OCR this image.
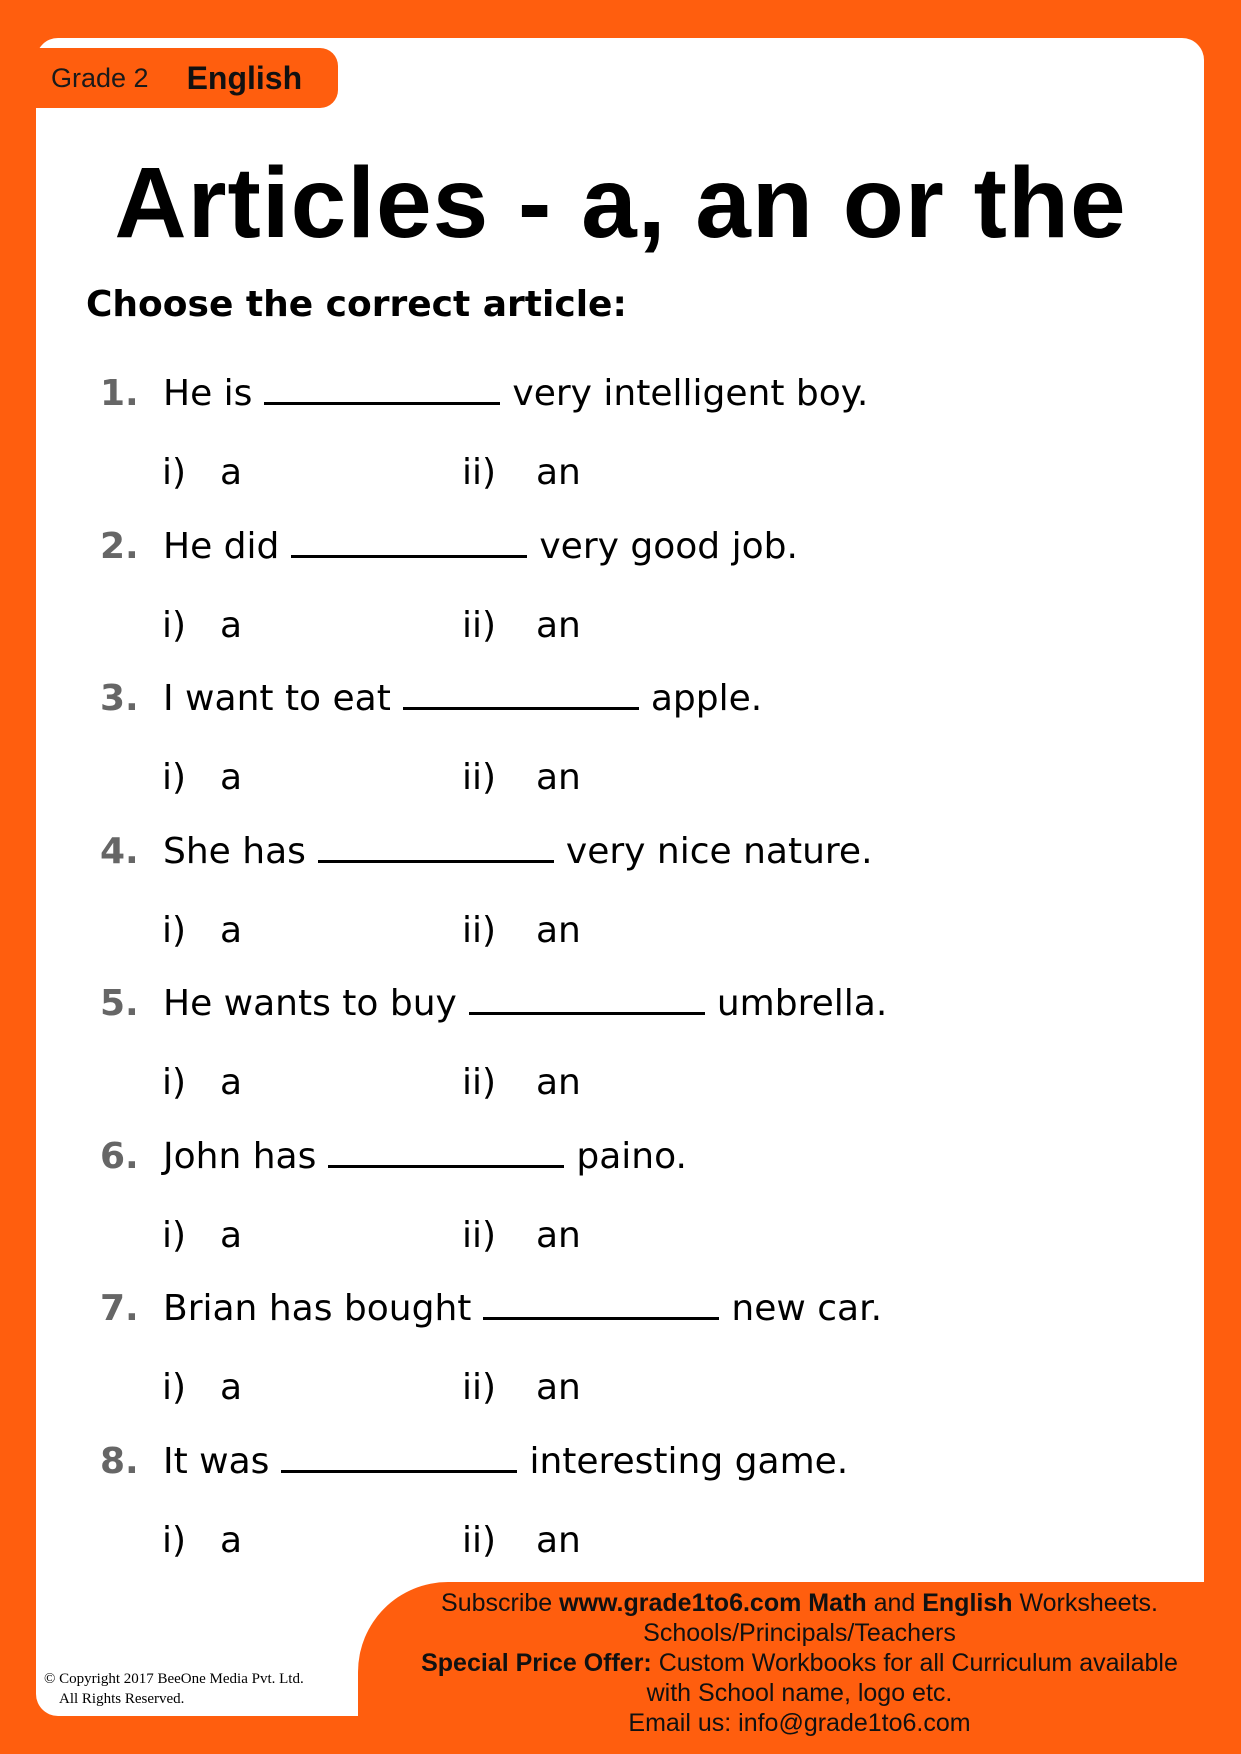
Grade 2 English
Articles - a, an or the
Choose the correct article:
1. He is	very intelligent boy.
i) a	ii) an
2. He did	very good job.
i) a	ii) an
3. I want to eat	apple.
i) a	ii) an
4. She has	very nice nature.
i) a	ii) an
5. He wants to buy	umbrella.
i) a	ii) an
6. John has	paino.
i) a	ii) an
7. Brian has bought	new car.
i) a	ii) an
8. It was	interesting game.
i) a	ii) an
Subscribe www.grade1to6.com Math and English Worksheets.
Schools/Principals/Teachers
Special Price Offer: Custom Workbooks for all Curriculum available
with School name, logo etc.
Email us: info@grade1to6.com
© Copyright 2017 BeeOne Media Pvt. Ltd.
All Rights Reserved.
